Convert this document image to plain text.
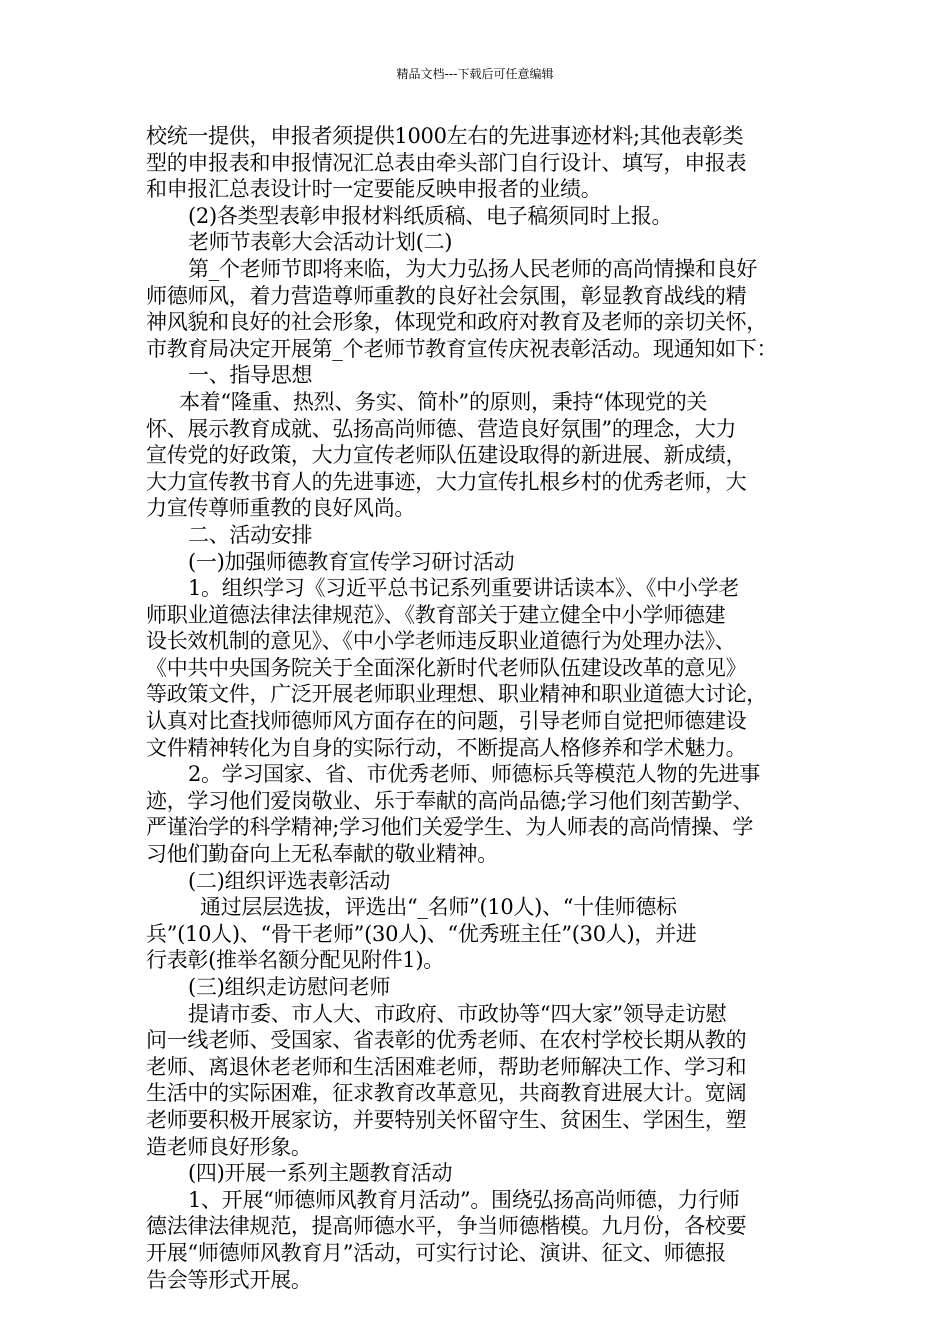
精品文档---下载后可任意编辑
校统一提供，申报者须提供1000左右的先进事迹材料;其他表彰类
型的申报表和申报情况汇总表由牵头部门自行设计、填写，申报表
和申报汇总表设计时一定要能反映申报者的业绩。
(2)各类型表彰申报材料纸质稿、电子稿须同时上报。
老师节表彰大会活动计划(二)
第_个老师节即将来临，为大力弘扬人民老师的高尚情操和良好
师德师风，着力营造尊师重教的良好社会氛围，彰显教育战线的精
神风貌和良好的社会形象，体现党和政府对教育及老师的亲切关怀，
市教育局决定开展第_个老师节教育宣传庆祝表彰活动。现通知如下：
一、指导思想
本着“隆重、热烈、务实、简朴”的原则，秉持“体现党的关
怀、展示教育成就、弘扬高尚师德、营造良好氛围”的理念，大力
宣传党的好政策，大力宣传老师队伍建设取得的新进展、新成绩，
大力宣传教书育人的先进事迹，大力宣传扎根乡村的优秀老师，大
力宣传尊师重教的良好风尚。
二、活动安排
(一)加强师德教育宣传学习研讨活动
1。组织学习《习近平总书记系列重要讲话读本》、《中小学老
师职业道德法律法律规范》、《教育部关于建立健全中小学师德建
设长效机制的意见》、《中小学老师违反职业道德行为处理办法》、
《中共中央国务院关于全面深化新时代老师队伍建设改革的意见》
等政策文件，广泛开展老师职业理想、职业精神和职业道德大讨论，
认真对比查找师德师风方面存在的问题，引导老师自觉把师德建设
文件精神转化为自身的实际行动，不断提高人格修养和学术魅力。
2。学习国家、省、市优秀老师、师德标兵等模范人物的先进事
迹，学习他们爱岗敬业、乐于奉献的高尚品德;学习他们刻苦勤学、
严谨治学的科学精神;学习他们关爱学生、为人师表的高尚情操、学
习他们勤奋向上无私奉献的敬业精神。
(二)组织评选表彰活动
通过层层选拔，评选出“_名师”(10人)、“十佳师德标
兵”(10人)、“骨干老师”(30人)、“优秀班主任”(30人)，并进
行表彰(推举名额分配见附件1)。
(三)组织走访慰问老师
提请市委、市人大、市政府、市政协等“四大家”领导走访慰
问一线老师、受国家、省表彰的优秀老师、在农村学校长期从教的
老师、离退休老老师和生活困难老师，帮助老师解决工作、学习和
生活中的实际困难，征求教育改革意见，共商教育进展大计。宽阔
老师要积极开展家访，并要特别关怀留守生、贫困生、学困生，塑
造老师良好形象。
(四)开展一系列主题教育活动
1、开展“师德师风教育月活动”。围绕弘扬高尚师德，力行师
德法律法律规范，提高师德水平，争当师德楷模。九月份，各校要
开展“师德师风教育月”活动，可实行讨论、演讲、征文、师德报
告会等形式开展。
